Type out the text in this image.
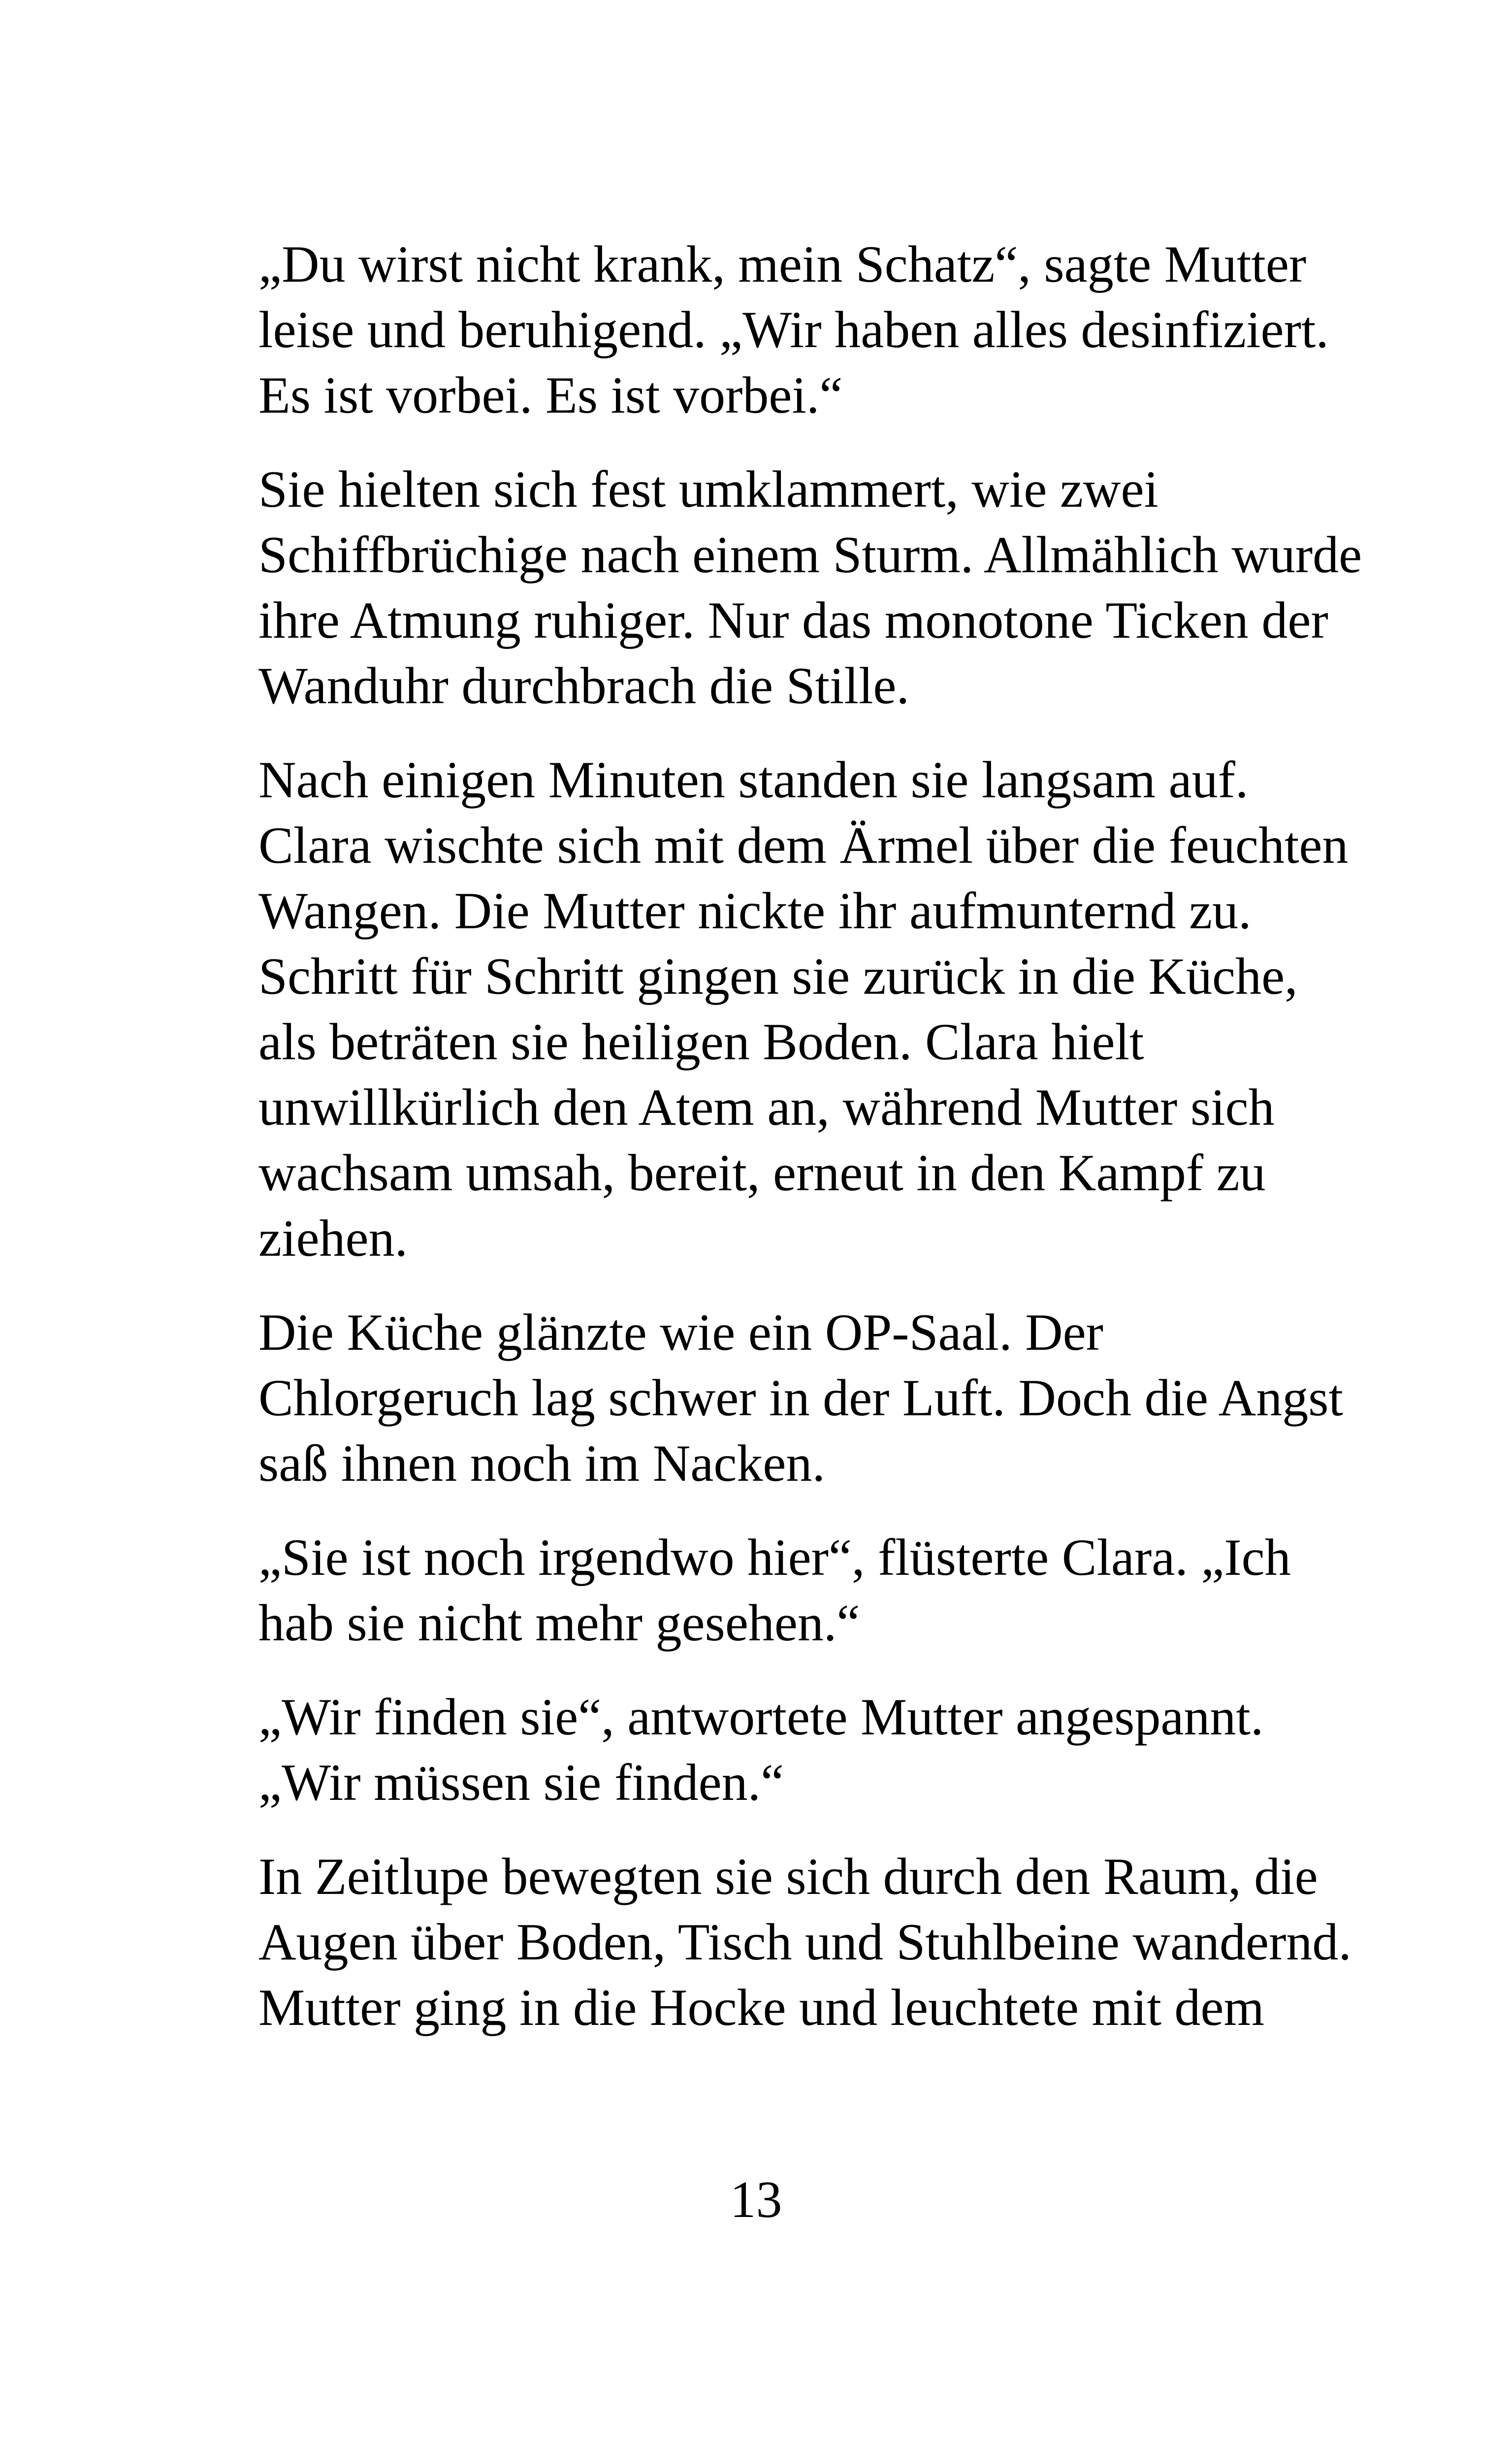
„Du wirst nicht krank, mein Schatz“, sagte Mutter
leise und beruhigend. „Wir haben alles desinfiziert.
Es ist vorbei. Es ist vorbei.“

Sie hielten sich fest umklammert, wie zwei
Schiffbrüchige nach einem Sturm. Allmählich wurde
ihre Atmung ruhiger. Nur das monotone Ticken der
Wanduhr durchbrach die Stille.

Nach einigen Minuten standen sie langsam auf.
Clara wischte sich mit dem Ärmel über die feuchten
Wangen. Die Mutter nickte ihr aufmunternd zu.
Schritt für Schritt gingen sie zurück in die Küche,
als beträten sie heiligen Boden. Clara hielt
unwillkürlich den Atem an, während Mutter sich
wachsam umsah, bereit, erneut in den Kampf zu
ziehen.

Die Küche glänzte wie ein OP-Saal. Der
Chlorgeruch lag schwer in der Luft. Doch die Angst
saß ihnen noch im Nacken.

„Sie ist noch irgendwo hier“, flüsterte Clara. „Ich
hab sie nicht mehr gesehen.“

„Wir finden sie“, antwortete Mutter angespannt.
„Wir müssen sie finden.“

In Zeitlupe bewegten sie sich durch den Raum, die
Augen über Boden, Tisch und Stuhlbeine wandernd.
Mutter ging in die Hocke und leuchtete mit dem

13
